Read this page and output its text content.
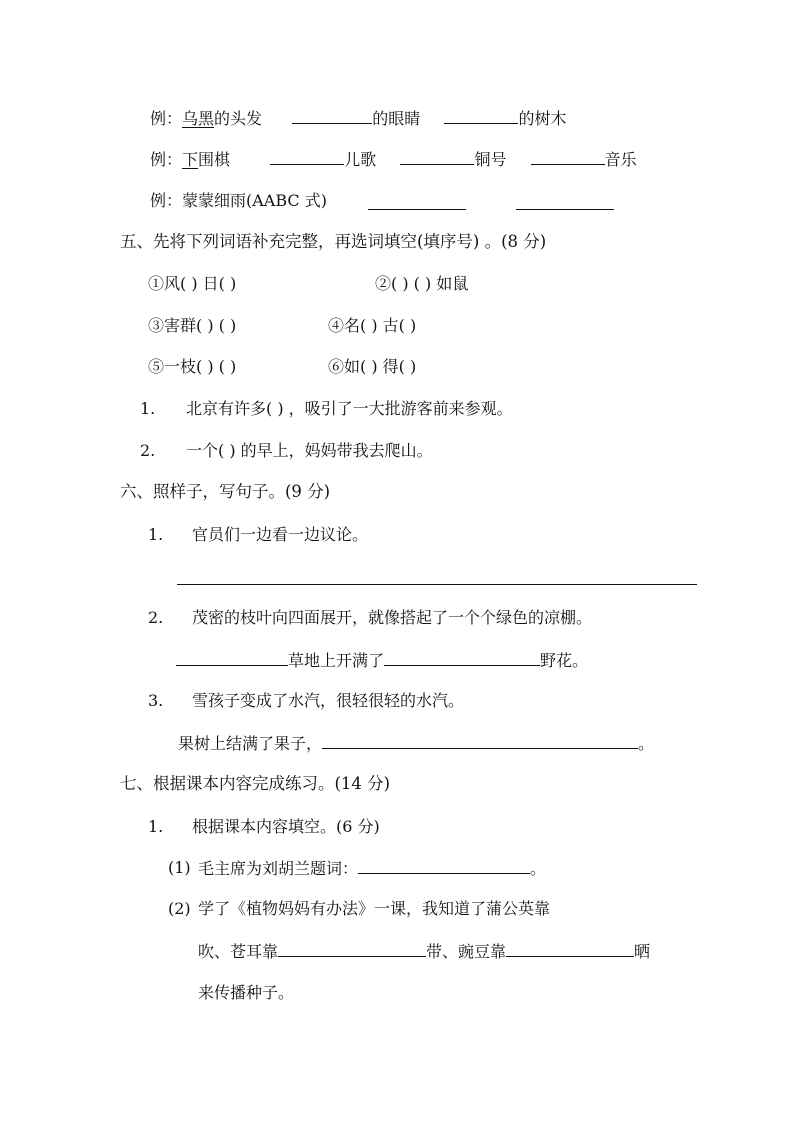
例：乌黑的头发	的眼睛	的树木
例：下围棋	儿歌	铜号	音乐
例：蒙蒙细雨(AABC 式)
五、先将下列词语补充完整，再选词填空(填序号) 。(8 分)
①风( ) 日( )	②( ) ( ) 如鼠
③害群( ) ( )	④名( ) 古( )
⑤一枝( ) ( )	⑥如( ) 得( )
1. 北京有许多( ) ，吸引了一大批游客前来参观。
2. 一个( ) 的早上，妈妈带我去爬山。
六、照样子，写句子。(9 分)
1. 官员们一边看一边议论。
2. 茂密的枝叶向四面展开，就像搭起了一个个绿色的凉棚。
草地上开满了	野花。
3. 雪孩子变成了水汽，很轻很轻的水汽。
果树上结满了果子，	。
七、根据课本内容完成练习。(14 分)
1. 根据课本内容填空。(6 分)
(1) 毛主席为刘胡兰题词：	。
(2) 学了《植物妈妈有办法》一课，我知道了蒲公英靠
吹、苍耳靠	带、豌豆靠	晒
来传播种子。
